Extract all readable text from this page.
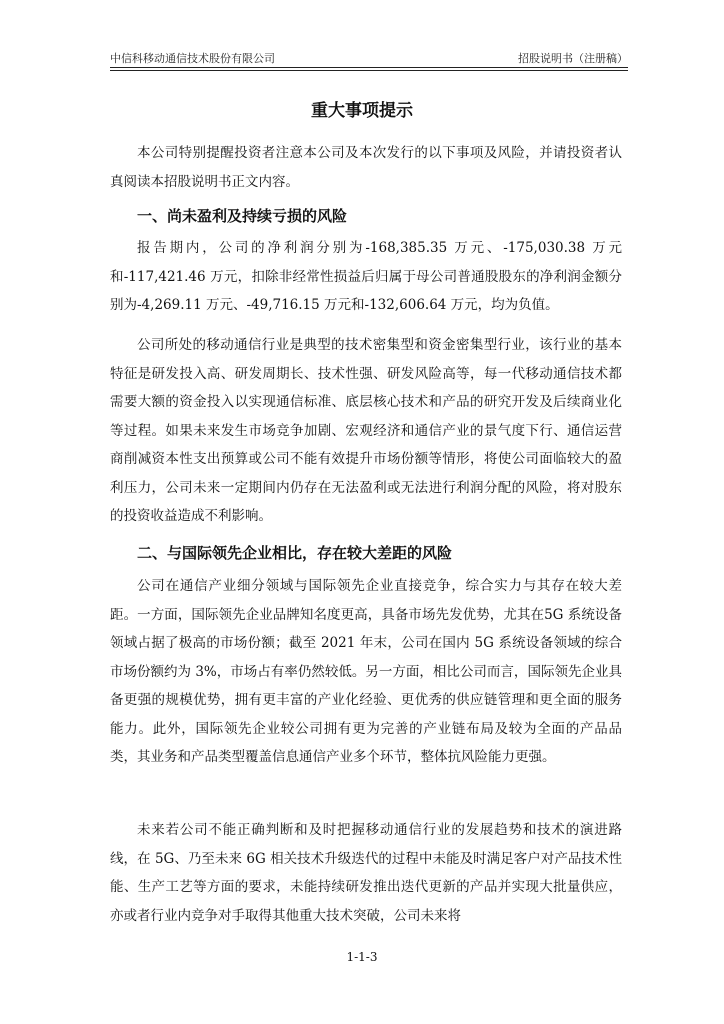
中信科移动通信技术股份有限公司	招股说明书（注册稿）
重大事项提示

本公司特别提醒投资者注意本公司及本次发行的以下事项及风险，并请投资者认真阅读本招股说明书正文内容。

一、尚未盈利及持续亏损的风险

报告期内，公司的净利润分别为-168,385.35 万元、-175,030.38 万元和-117,421.46 万元，扣除非经常性损益后归属于母公司普通股股东的净利润金额分别为-4,269.11 万元、-49,716.15 万元和-132,606.64 万元，均为负值。

公司所处的移动通信行业是典型的技术密集型和资金密集型行业，该行业的基本特征是研发投入高、研发周期长、技术性强、研发风险高等，每一代移动通信技术都需要大额的资金投入以实现通信标准、底层核心技术和产品的研究开发及后续商业化等过程。如果未来发生市场竞争加剧、宏观经济和通信产业的景气度下行、通信运营商削减资本性支出预算或公司不能有效提升市场份额等情形，将使公司面临较大的盈利压力，公司未来一定期间内仍存在无法盈利或无法进行利润分配的风险，将对股东的投资收益造成不利影响。

二、与国际领先企业相比，存在较大差距的风险

公司在通信产业细分领域与国际领先企业直接竞争，综合实力与其存在较大差距。一方面，国际领先企业品牌知名度更高，具备市场先发优势，尤其在5G 系统设备领域占据了极高的市场份额；截至 2021 年末，公司在国内 5G 系统设备领域的综合市场份额约为 3%，市场占有率仍然较低。另一方面，相比公司而言，国际领先企业具备更强的规模优势，拥有更丰富的产业化经验、更优秀的供应链管理和更全面的服务能力。此外，国际领先企业较公司拥有更为完善的产业链布局及较为全面的产品品类，其业务和产品类型覆盖信息通信产业多个环节，整体抗风险能力更强。

未来若公司不能正确判断和及时把握移动通信行业的发展趋势和技术的演进路线，在 5G、乃至未来 6G 相关技术升级迭代的过程中未能及时满足客户对产品技术性能、生产工艺等方面的要求，未能持续研发推出迭代更新的产品并实现大批量供应，亦或者行业内竞争对手取得其他重大技术突破，公司未来将

1-1-3
